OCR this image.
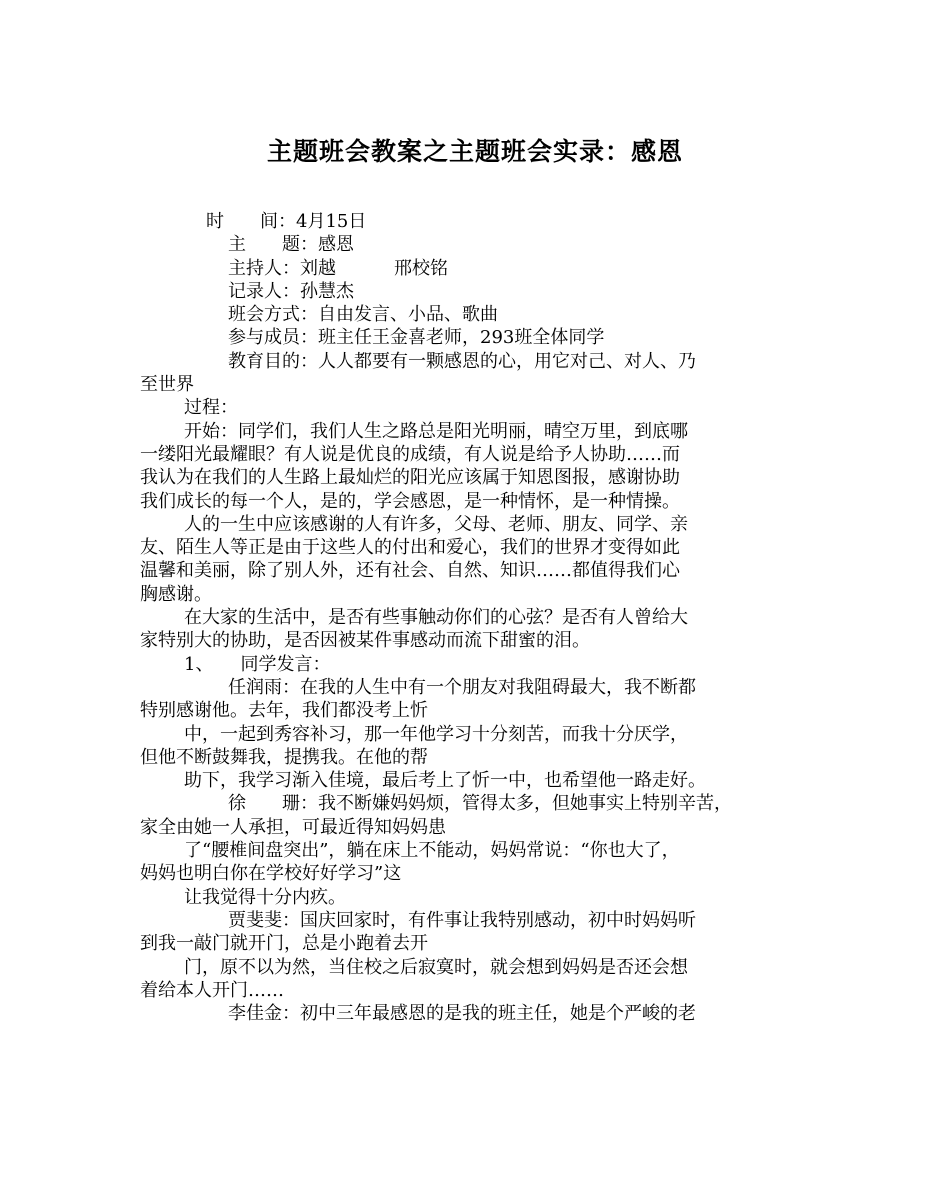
主题班会教案之主题班会实录：感恩
时　　间：4月15日
主　　题：感恩
主持人：刘越	邢校铭
记录人：孙慧杰
班会方式：自由发言、小品、歌曲
参与成员：班主任王金喜老师，293班全体同学
教育目的：人人都要有一颗感恩的心，用它对己、对人、乃
至世界
过程：
开始：同学们，我们人生之路总是阳光明丽，晴空万里，到底哪
一缕阳光最耀眼？有人说是优良的成绩，有人说是给予人协助……而
我认为在我们的人生路上最灿烂的阳光应该属于知恩图报，感谢协助
我们成长的每一个人，是的，学会感恩，是一种情怀，是一种情操。
人的一生中应该感谢的人有许多，父母、老师、朋友、同学、亲
友、陌生人等正是由于这些人的付出和爱心，我们的世界才变得如此
温馨和美丽，除了别人外，还有社会、自然、知识……都值得我们心
胸感谢。
在大家的生活中，是否有些事触动你们的心弦？是否有人曾给大
家特别大的协助，是否因被某件事感动而流下甜蜜的泪。
1、　　同学发言：
任润雨：在我的人生中有一个朋友对我阻碍最大，我不断都
特别感谢他。去年，我们都没考上忻
中，一起到秀容补习，那一年他学习十分刻苦，而我十分厌学，
但他不断鼓舞我，提携我。在他的帮
助下，我学习渐入佳境，最后考上了忻一中，也希望他一路走好。
徐　　珊：我不断嫌妈妈烦，管得太多，但她事实上特别辛苦，
家全由她一人承担，可最近得知妈妈患
了“腰椎间盘突出”，躺在床上不能动，妈妈常说：“你也大了，
妈妈也明白你在学校好好学习”这
让我觉得十分内疚。
贾斐斐：国庆回家时，有件事让我特别感动，初中时妈妈听
到我一敲门就开门，总是小跑着去开
门，原不以为然，当住校之后寂寞时，就会想到妈妈是否还会想
着给本人开门……
李佳金：初中三年最感恩的是我的班主任，她是个严峻的老
